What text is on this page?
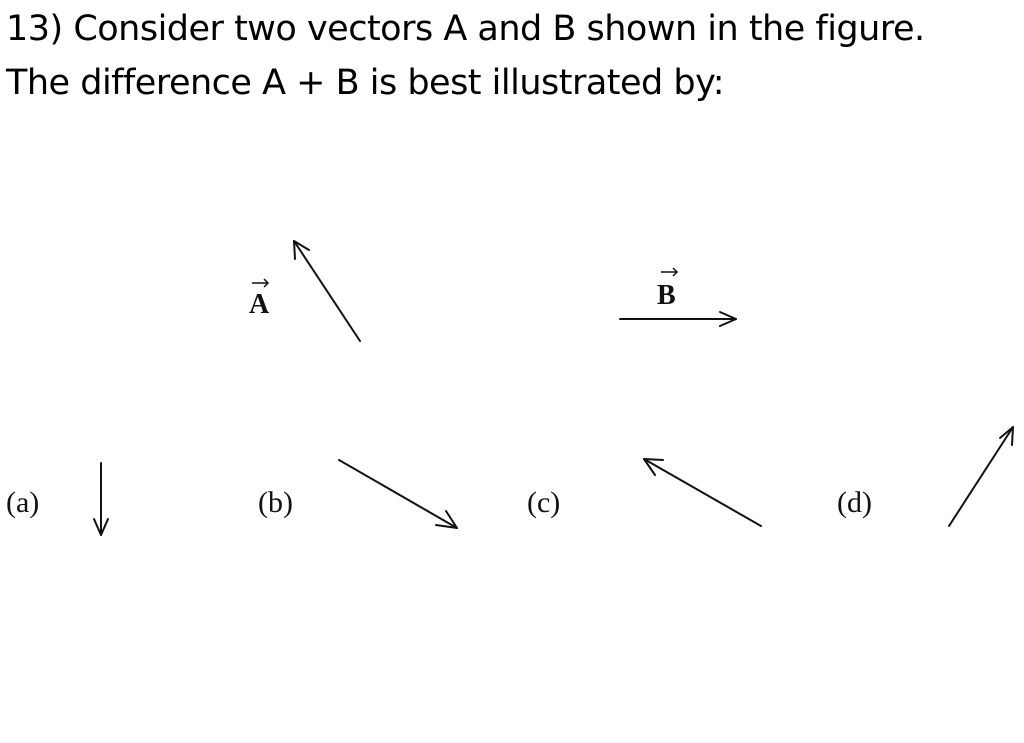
13) Consider two vectors A and B shown in the figure.
The difference A + B is best illustrated by:
A	B
(a)	(b)	(c)	(d)
